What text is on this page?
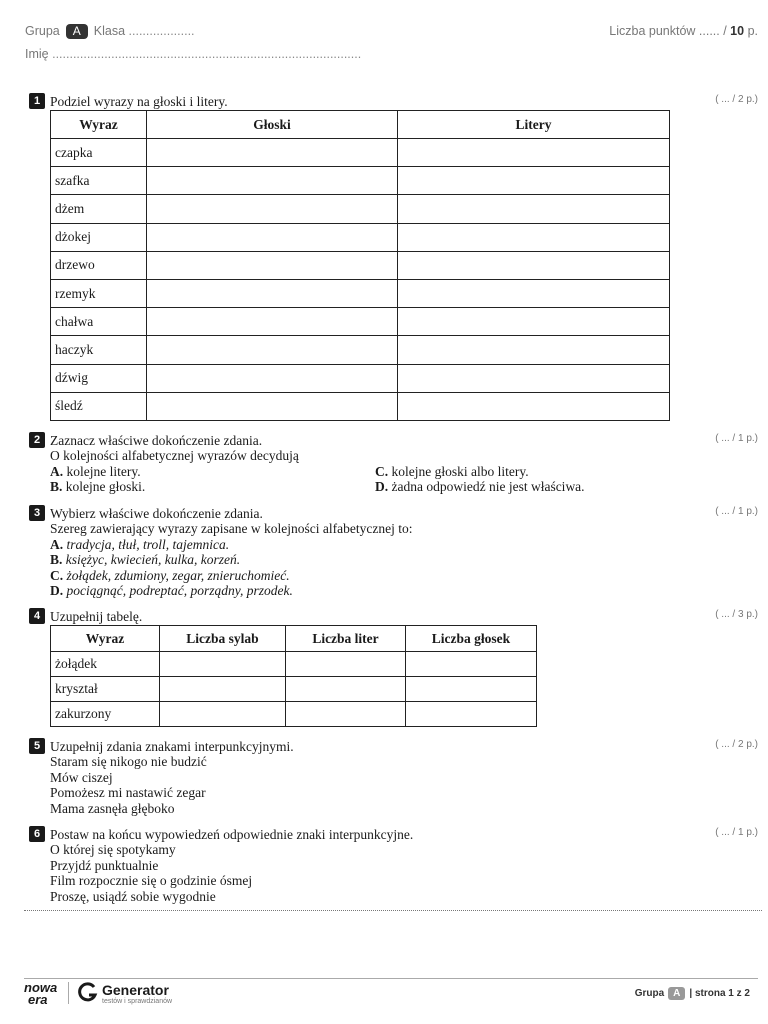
Grupa A Klasa ...................	Liczba punktów ...... / 10 p.
Imię .........................................................................................
1 Podziel wyrazy na głoski i litery.	( ... / 2 p.)
Wyraz	Głoski	Litery
czapka		
szafka		
dżem		
dżokej		
drzewo		
rzemyk		
chałwa		
haczyk		
dźwig		
śledź		
2 Zaznacz właściwe dokończenie zdania.	( ... / 1 p.)
O kolejności alfabetycznej wyrazów decydują
A. kolejne litery.
B. kolejne głoski.
C. kolejne głoski albo litery.
D. żadna odpowiedź nie jest właściwa.
3 Wybierz właściwe dokończenie zdania.	( ... / 1 p.)
Szereg zawierający wyrazy zapisane w kolejności alfabetycznej to:
A. tradycja, tłuł, troll, tajemnica.
B. księżyc, kwiecień, kulka, korzeń.
C. żołądek, zdumiony, zegar, znieruchomieć.
D. pociągnąć, podreptać, porządny, przodek.
4 Uzupełnij tabelę.	( ... / 3 p.)
Wyraz	Liczba sylab	Liczba liter	Liczba głosek
żołądek			
kryształ			
zakurzony			
5 Uzupełnij zdania znakami interpunkcyjnymi.	( ... / 2 p.)
Staram się nikogo nie budzić
Mów ciszej
Pomożesz mi nastawić zegar
Mama zasnęła głęboko
6 Postaw na końcu wypowiedzeń odpowiednie znaki interpunkcyjne.	( ... / 1 p.)
O której się spotykamy
Przyjdź punktualnie
Film rozpocznie się o godzinie ósmej
Proszę, usiądź sobie wygodnie
nowa
era
Generator
testów i sprawdzianów
Grupa A | strona 1 z 2
